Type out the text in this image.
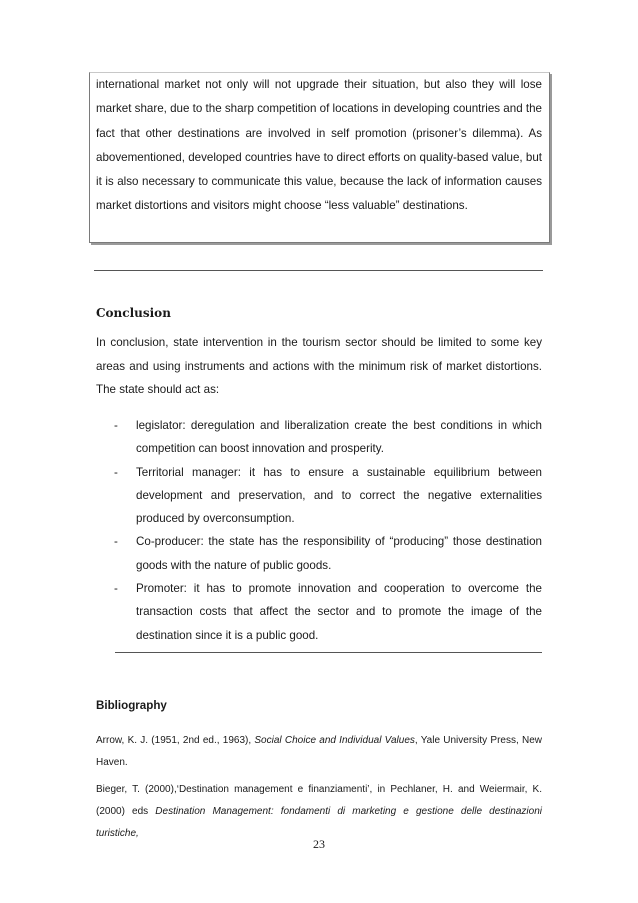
international market not only will not upgrade their situation, but also they will lose market share, due to the sharp competition of locations in developing countries and the fact that other destinations are involved in self promotion (prisoner’s dilemma). As abovementioned, developed countries have to direct efforts on quality-based value, but it is also necessary to communicate this value, because the lack of information causes market distortions and visitors might choose “less valuable” destinations.
Conclusion
In conclusion, state intervention in the tourism sector should be limited to some key areas and using instruments and actions with the minimum risk of market distortions. The state should act as:
- legislator: deregulation and liberalization create the best conditions in which competition can boost innovation and prosperity.
- Territorial manager: it has to ensure a sustainable equilibrium between development and preservation, and to correct the negative externalities produced by overconsumption.
- Co-producer: the state has the responsibility of “producing” those destination goods with the nature of public goods.
- Promoter: it has to promote innovation and cooperation to overcome the transaction costs that affect the sector and to promote the image of the destination since it is a public good.
Bibliography
Arrow, K. J. (1951, 2nd ed., 1963), Social Choice and Individual Values, Yale University Press, New Haven.
Bieger, T. (2000),‘Destination management e finanziamenti’, in Pechlaner, H. and Weiermair, K. (2000) eds Destination Management: fondamenti di marketing e gestione delle destinazioni turistiche,
23
